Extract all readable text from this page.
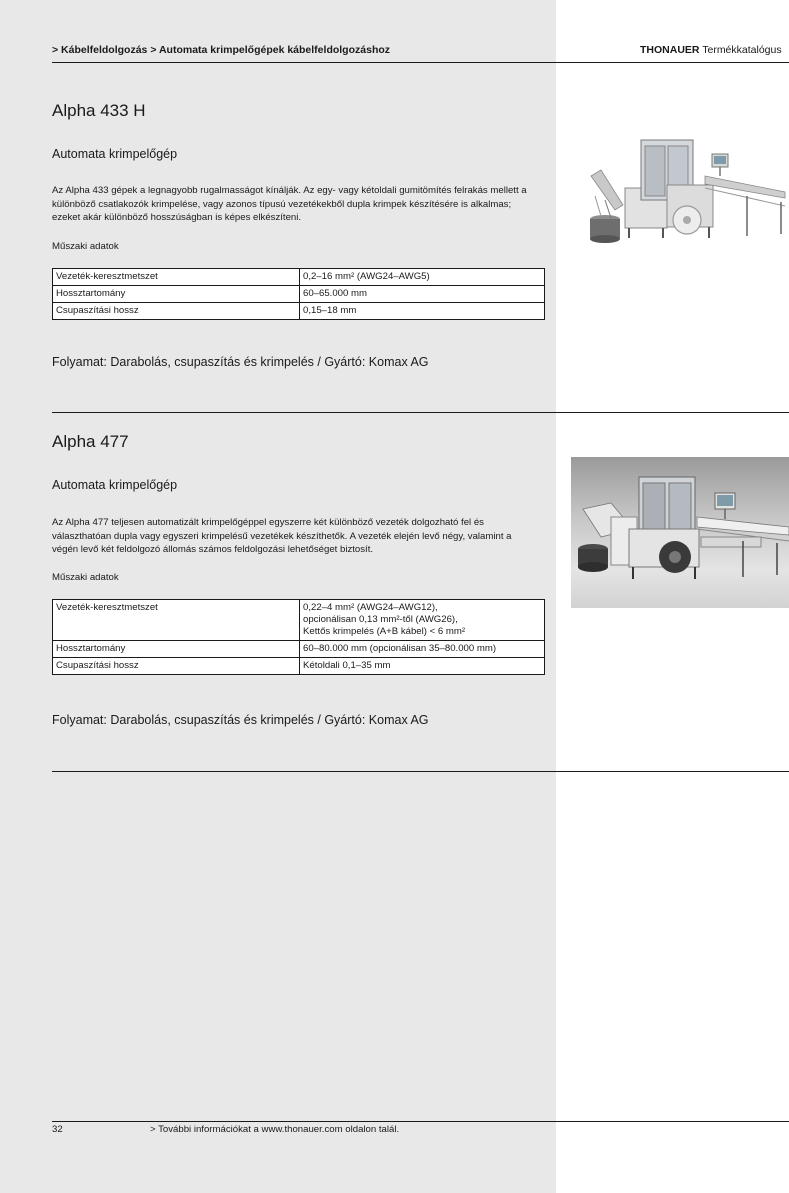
> Kábelfeldolgozás > Automata krimpelőgépek kábelfeldolgozáshoz	THONAUER Termékkatalógus
Alpha 433 H
Automata krimpelőgép
Az Alpha 433 gépek a legnagyobb rugalmasságot kínálják. Az egy- vagy kétoldali gumitömítés felrakás mellett a különböző csatlakozók krimpelése, vagy azonos típusú vezetékekből dupla krimpek készítésére is alkalmas; ezeket akár különböző hosszúságban is képes elkészíteni.
Műszaki adatok
Vezeték-keresztmetszet	0,2–16 mm² (AWG24–AWG5)
Hossztartomány	60–65.000 mm
Csupaszítási hossz	0,15–18 mm
Folyamat: Darabolás, csupaszítás és krimpelés / Gyártó: Komax AG
Alpha 477
Automata krimpelőgép
Az Alpha 477 teljesen automatizált krimpelőgéppel egyszerre két különböző vezeték dolgozható fel és választhatóan dupla vagy egyszeri krimpelésű vezetékek készíthetők. A vezeték elején levő négy, valamint a végén levő két feldolgozó állomás számos feldolgozási lehetőséget biztosít.
Műszaki adatok
Vezeték-keresztmetszet	0,22–4 mm² (AWG24–AWG12),
opcionálisan 0,13 mm²-től (AWG26),
Kettős krimpelés (A+B kábel) < 6 mm²

Hossztartomány	60–80.000 mm (opcionálisan 35–80.000 mm)
Csupaszítási hossz	Kétoldali 0,1–35 mm
Folyamat: Darabolás, csupaszítás és krimpelés / Gyártó: Komax AG
32	> További információkat a www.thonauer.com oldalon talál.
